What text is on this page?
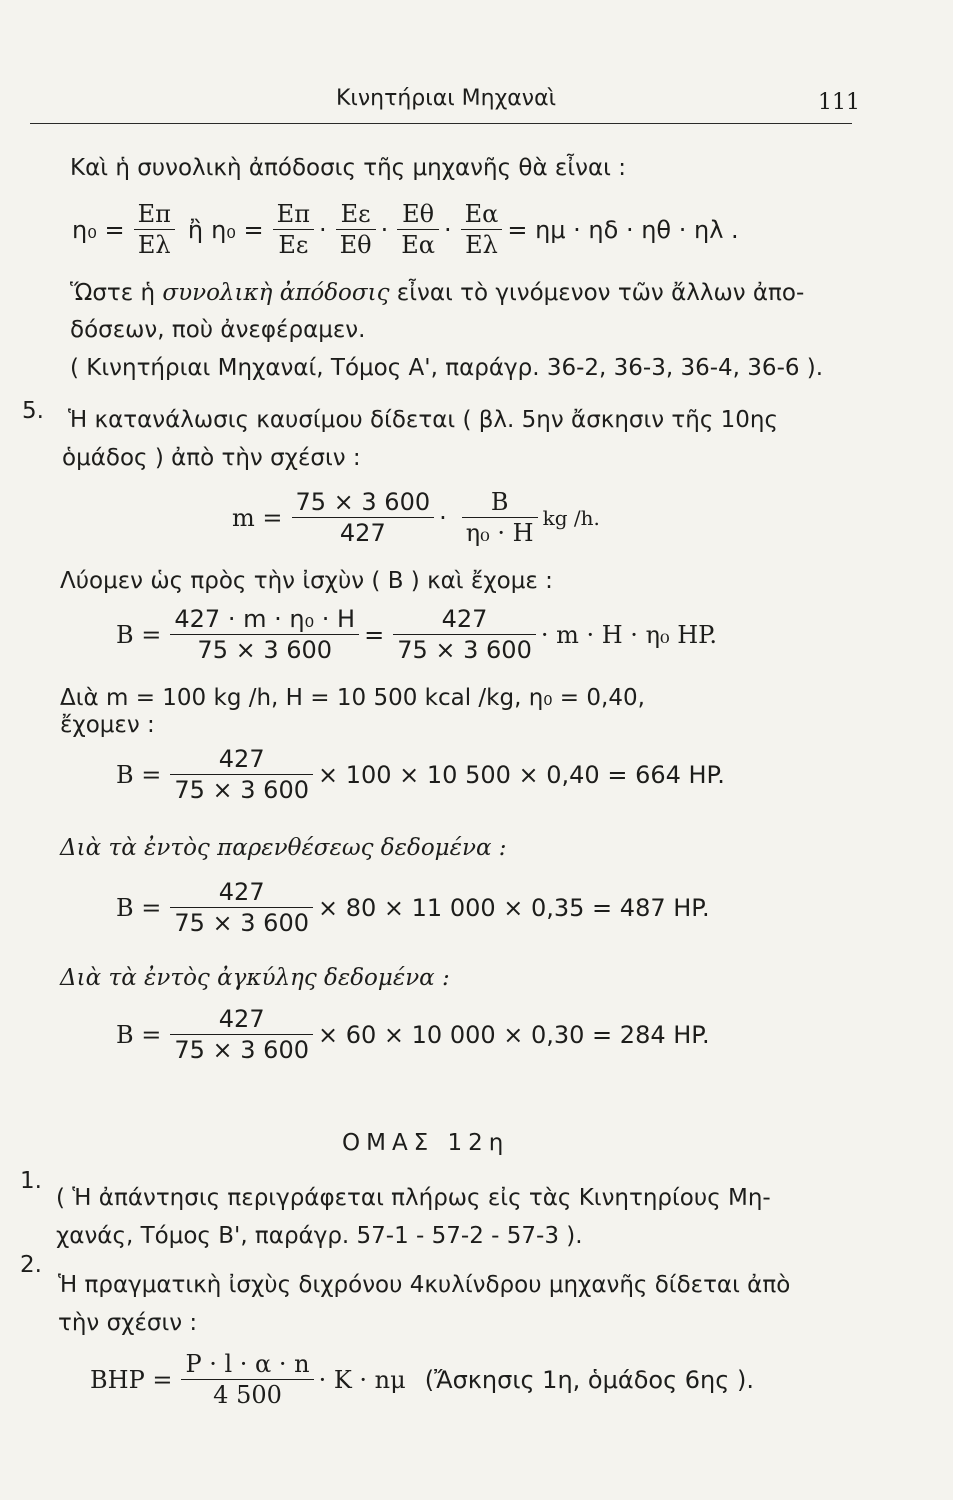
Κινητήριαι Μηχαναὶ	111
Καὶ ἡ συνολικὴ ἀπόδοσις τῆς μηχανῆς θὰ εἶναι :
$\eta_0 = \frac{E\pi}{E\lambda}$ ἢ $\eta_0 = \frac{E\pi}{E\varepsilon} \cdot \frac{E\varepsilon}{E\theta} \cdot \frac{E\theta}{E\alpha} \cdot \frac{E\alpha}{E\lambda} = \eta\mu \cdot \eta\delta \cdot \eta\theta \cdot \eta\lambda$ .
Ὥστε ἡ συνολικὴ ἀπόδοσις εἶναι τὸ γινόμενον τῶν ἄλλων ἀπο-
δόσεων, ποὺ ἀνεφέραμεν.
( Κινητήριαι Μηχαναί, Τόμος Α', παράγρ. 36-2, 36-3, 36-4, 36-6 ).
5. Ἡ κατανάλωσις καυσίμου δίδεται ( βλ. 5ην ἄσκησιν τῆς 10ης
ὁμάδος ) ἀπὸ τὴν σχέσιν :
$m = \frac{75 \times 3 600}{427} \cdot \frac{B}{\text{η₀ · H}}$ kg /h.
Λύομεν ὡς πρὸς τὴν ἰσχὺν ( B ) καὶ ἔχομε :
$B = \frac{\text{427 · m · η₀ · H}}{75 \times 3 600} = \frac{427}{75 \times 3 600} \cdot m \cdot H \cdot \eta_0$ HP.
Διὰ m = 100 kg /h, H = 10 500 kcal /kg, η₀ = 0,40,
ἔχομεν :
$B = \frac{427}{75 \times 3 600} \times 100 \times 10$ 500 × 0,40 = 664 HP.
Διὰ τὰ ἐντὸς παρενθέσεως δεδομένα :
$B = \frac{427}{75 \times 3 600} \times 80 \times 11$ 000 × 0,35 = 487 HP.
Διὰ τὰ ἐντὸς ἀγκύλης δεδομένα :
$B = \frac{427}{75 \times 3 600} \times 60 \times 10$ 000 × 0,30 = 284 HP.
ΟΜΑΣ 12η
1.
( Ἡ ἀπάντησις περιγράφεται πλήρως εἰς τὰς Κινητηρίους Μη-
χανάς, Τόμος Β', παράγρ. 57-1 - 57-2 - 57-3 ).
2.
Ἡ πραγματικὴ ἰσχὺς διχρόνου 4κυλίνδρου μηχανῆς δίδεται ἀπὸ
τὴν σχέσιν :
BHP = $\frac{P \cdot l \cdot \alpha \cdot n}{4 500} \cdot K \cdot n\mu$ (Ἄσκησις 1η, ὁμάδος 6ης ).
